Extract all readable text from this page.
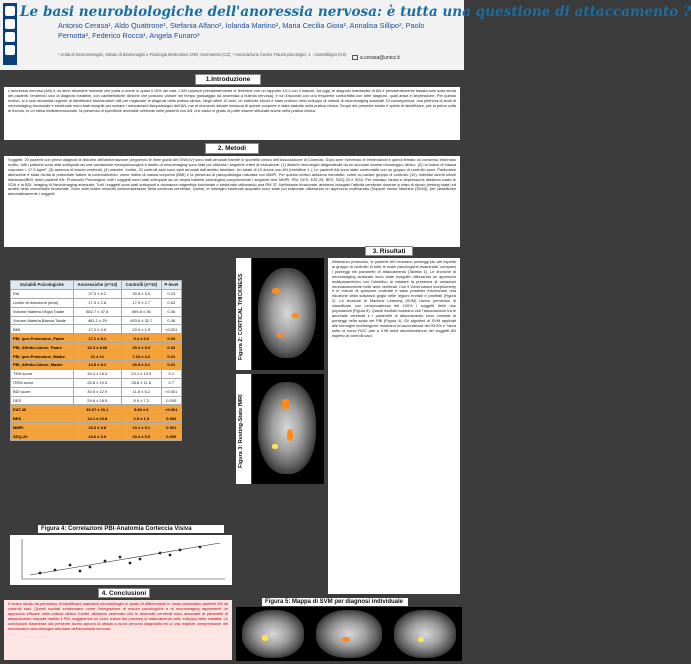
Le basi neurobiologiche dell'anoressia nervosa: è tutta una questione di attaccamento ?
Antonio Cerasa¹, Aldo Quattrone¹, Stefania Alfano², Iolanda Martino², Maria Cecilia Gioia², Annalisa Sillipo², Paolo Pernotta², Federico Rocca¹, Angela Funaro²
¹ Unità di Neuroimmagini, Istituto di Bioimmagini e Fisiologia Molecolare CNR, Germaneto (CZ), ² Associazione Centro Traumi psicologici, 1 - Castrofilippo (CS)
a.cerasa@unicz.it
1.Introduzione
L'anoressia nervosa (AN) è un serio disordine mentale che porta a morte in quasi il 10% dei casi. L'AN colpisce prevalentemente le femmine con un rapporto 10:1 con il maschi. Ad oggi, le diagnosi individuate di AN è prevalentemente basata solo sulla storia dei pazienti, tendendo così la diagnosi instabile, con caratteristiche cliniche che possono variare nel tempo (passaggio da anoressia a bulimia nervosa), e va d'accordo con una frequente comorbilità con altre diagnosi, quali ansia e depressione. Per questo motivo, si è una necessità urgente di identificare biomarcatori utili per migliorare la diagnosi nella pratica clinica. Negli ultimi 10 anni, un notevole sforzo è stato profuso nello sviluppo di metodi di neuroimaging avanzati. Di conseguenza, una plethora di studi di neuroimaging funzionale e strutturale sono stati eseguiti per svelare i meccanismi fisiopatologici dell'AN, ma al momento attuale nessuna di queste scoperte è stata tradotta nella pratica clinica. Scopo del presente studio è quello di identificare, per la prima volta al mondo, in un ottica multidimensionale, la presenza di specifiche anomalie cerebrali nelle pazienti con AN, che siano in grado di poter essere utilizzate anche nella pratica clinica.
2. Metodi
Soggetti: 20 pazienti con prima diagnosi di disturbo dell'alimentazione (seguendo le linee guida del DSM-IV) sono stati arruolati tramite lo sportello clinico dell'Associazione di Cosenza. Dopo aver ricevendo le informazioni e quindi firmato un consenso informato scritto, tutti i pazienti sono stati sottoposti ad una valutazione neuropsicologica e studio di neuroimaging sono stati poi utilizzati i seguenti criteri di esclusione: (1) disturbi neurologici diagnosticati da un accurato esame neurologico clinico, (2) un indice di massa corporea < 17.5 kg/m², (3) assenza di lesioni cerebrali, (4) mancini. Inoltre, 20 controlli sani sono stati arruolati dall'ambito familiare. Un totale di 10 donne con AN (restrittive 1 ), Le pazienti AN sono state confrontate con un gruppo di controllo sano. Particolare attenzione è stata rivolta al potenziale fattore di confondimento, come indice di massa corporea (BMI) e la presenza di psicopatologia misurata con MMPI. Per questo motivo abbiamo introdotto, come co-variate gruppo di controllo (10), individui aventi simile età/sesso/BMI, delle pazienti AN. Protocollo Psicologico: tutti i soggetti sono stati sottoposti ad un ampia batteria psicologica comprendente i seguenti test: MMPI, PBI, DES, EAT-26, BES, SDQ-20 e SOA. Per valutare l'ansia e depressione abbiamo usato le STAI e la BDI. Imaging di Neuroimaging avanzato: Tutti i soggetti sono stati sottoposti a risonanza magnetica funzionale e strutturale utilizzando una RM 3T. Nell'esame funzionale, abbiamo indagato l'attività cerebrale durante lo stato di riposo (resting state) ed analisi della connettività funzionale. Sono stati inoltre misurati volume/spessore della corteccia cerebrale. Quindi, le immagini strutturali acquisite sono state poi elaborate utilizzando un approccio multivariato (Support Vector Machine (SVM)), per classificare automaticamente i soggetti.
Variabili Psicologiche	Anoressiche (n=10)	Controlli (n=10)	P-level
Età	27.3 ± 6.2	30.8 ± 5.9	0.23
Livello di istruzione (anni)	17.3 ± 2.8	17.9 ± 2.7	0.63
Volume Materia Grigia Totale	582.7 ± 47.8	599.8 ± 36	0.36
Volume Materia Bianca Totale	481.2 ± 29	493.6 ± 32.7	0.36
BMI	17.2 ± 0.8	20.3 ± 1.9	<0.001
PBI_Iper-Protezione_Padre	17.1 ± 8.1	9.4 ± 5.6	0.03
PBI_Affetto-Calore_Padre	16.3 ± 8.06	25.2 ± 9.3	0.03
PBI_Iper-Protezione_Madre	21 ± 12	7.03 ± 4.3	0.01
PBI_Affetto-Calore_Madre	14.5 ± 8.1	26.5 ± 8.1	0.01
TEM score	34.4 ± 16.3	23.1 ± 13.9	0.1
ITEM score	26.8 ± 10.5	28.8 ± 11.8	0.7
BDI score	30.5 ± 12.9	11.8 ± 5.2	<0.001
DES	29.6 ± 18.5	8.9 ± 7.2	0.005
EAT-26	30.67 ± 10.1	5.84 ± 6	<0.001
BES	14.1 ± 10.8	2.9 ± 1.3	0.004
MMPI	23.3 ± 9.8	10.1 ± 5.1	0.001
SDQ-20	24.6 ± 3.9	20.4 ± 0.5	0.005
Figura 2: CORTICAL THICKNESS
Figura 3: Resting-State fMRI
3. Risultati
Attraverso protocollo, le pazienti AN mostrano punteggi più alti rispetto al gruppo di controllo in tutte le scale psicologiche esaminate, compresi i punteggi nei parametri di attaccamento (Tabella 1). Le tecniche di neuroimaging avanzato sono state eseguite utilizzando un approccio multiparametrico con l'obiettivo di valutare la presenza di variazioni neuroanatomiche nelle aree cerebrali. Con il Voxel-based morphometry e le misure di spessore corticale è stato possibile evidenziare una riduzione della sostanza grigia nelle regioni frontali e parietali (Figura 2). Le tecniche di Machine Learning (SVM) hanno permesso di classificare con un'accuratezza del 100% i soggetti delle due popolazioni (Figura 5). Questi risultati mostrano che l'associazione tra le anomalie cerebrali e i parametri di attaccamento sono correlati ai punteggi nella scala del PBI (Figura 4). Gli algoritmi di SVM applicati alle immagini morfologiche mostrano un'accuratezza del 93.8% e l'area sotto la curva ROC pari a 0.98 nella discriminazione dei soggetti AN rispetto ai controlli sani.
Figura 4: Correlazioni PBI-Anatomia Corteccia Visiva
Figura 5: Mappa di SVM per diagnosi individuale
4. Conclusioni
Il nostro studio ha permesso di identificare marcatori neurobiologici in grado di differenziare in modo automatico pazienti AN da controlli sani. Questi risultati evidenziano come l'integrazione di misure psicologiche e di neuroimaging rappresenti un approccio efficace nella pratica clinica. Inoltre, abbiamo osservato che le anomalie cerebrali sono associate ai parametri di attaccamento misurati tramite il PBI, suggerendo un ruolo chiave dei processi di attaccamento nello sviluppo della malattia. Le conclusioni trasmesse dal presente lavoro aprono la strada a nuovi percorsi diagnostici ed a una migliore comprensione dei meccanismi neurobiologici alla base dell'anoressia nervosa.
